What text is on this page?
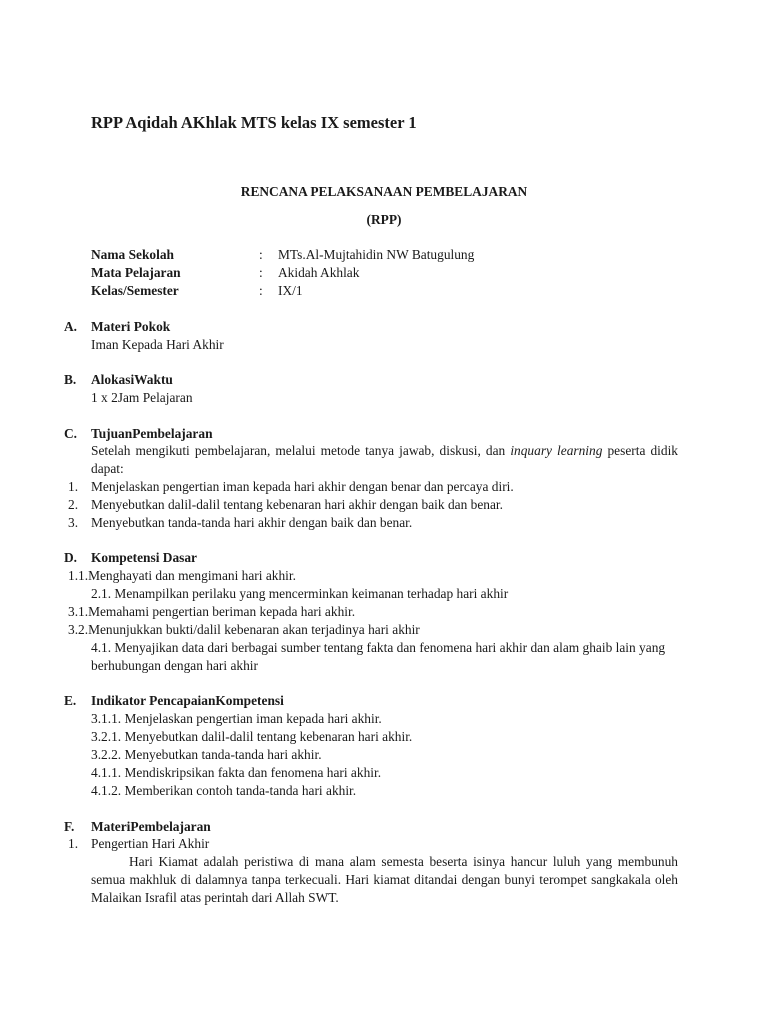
RPP Aqidah AKhlak MTS kelas IX semester 1
RENCANA PELAKSANAAN PEMBELAJARAN
(RPP)
Nama Sekolah	: MTs.Al-Mujtahidin NW Batugulung
Mata Pelajaran	: Akidah Akhlak
Kelas/Semester	: IX/1
A. Materi Pokok
Iman Kepada Hari Akhir
B. AlokasiWaktu
1 x 2Jam Pelajaran
C. TujuanPembelajaran
Setelah mengikuti pembelajaran, melalui metode tanya jawab, diskusi, dan inquary learning peserta didik dapat:
1. Menjelaskan pengertian iman kepada hari akhir dengan benar dan percaya diri.
2. Menyebutkan dalil-dalil tentang kebenaran hari akhir dengan baik dan benar.
3. Menyebutkan tanda-tanda hari akhir dengan baik dan benar.
D. Kompetensi Dasar
1.1.Menghayati dan mengimani hari akhir.
2.1. Menampilkan perilaku yang mencerminkan keimanan terhadap hari akhir
3.1.Memahami pengertian beriman kepada hari akhir.
3.2.Menunjukkan bukti/dalil kebenaran akan terjadinya hari akhir
4.1. Menyajikan data dari berbagai sumber tentang fakta dan fenomena hari akhir dan alam ghaib lain yang berhubungan dengan hari akhir
E. Indikator PencapaianKompetensi
3.1.1. Menjelaskan pengertian iman kepada hari akhir.
3.2.1. Menyebutkan dalil-dalil tentang kebenaran hari akhir.
3.2.2. Menyebutkan tanda-tanda hari akhir.
4.1.1. Mendiskripsikan fakta dan fenomena hari akhir.
4.1.2. Memberikan contoh tanda-tanda hari akhir.
F. MateriPembelajaran
1. Pengertian Hari Akhir
Hari Kiamat adalah peristiwa di mana alam semesta beserta isinya hancur luluh yang membunuh semua makhluk di dalamnya tanpa terkecuali. Hari kiamat ditandai dengan bunyi terompet sangkakala oleh Malaikan Israfil atas perintah dari Allah SWT.
